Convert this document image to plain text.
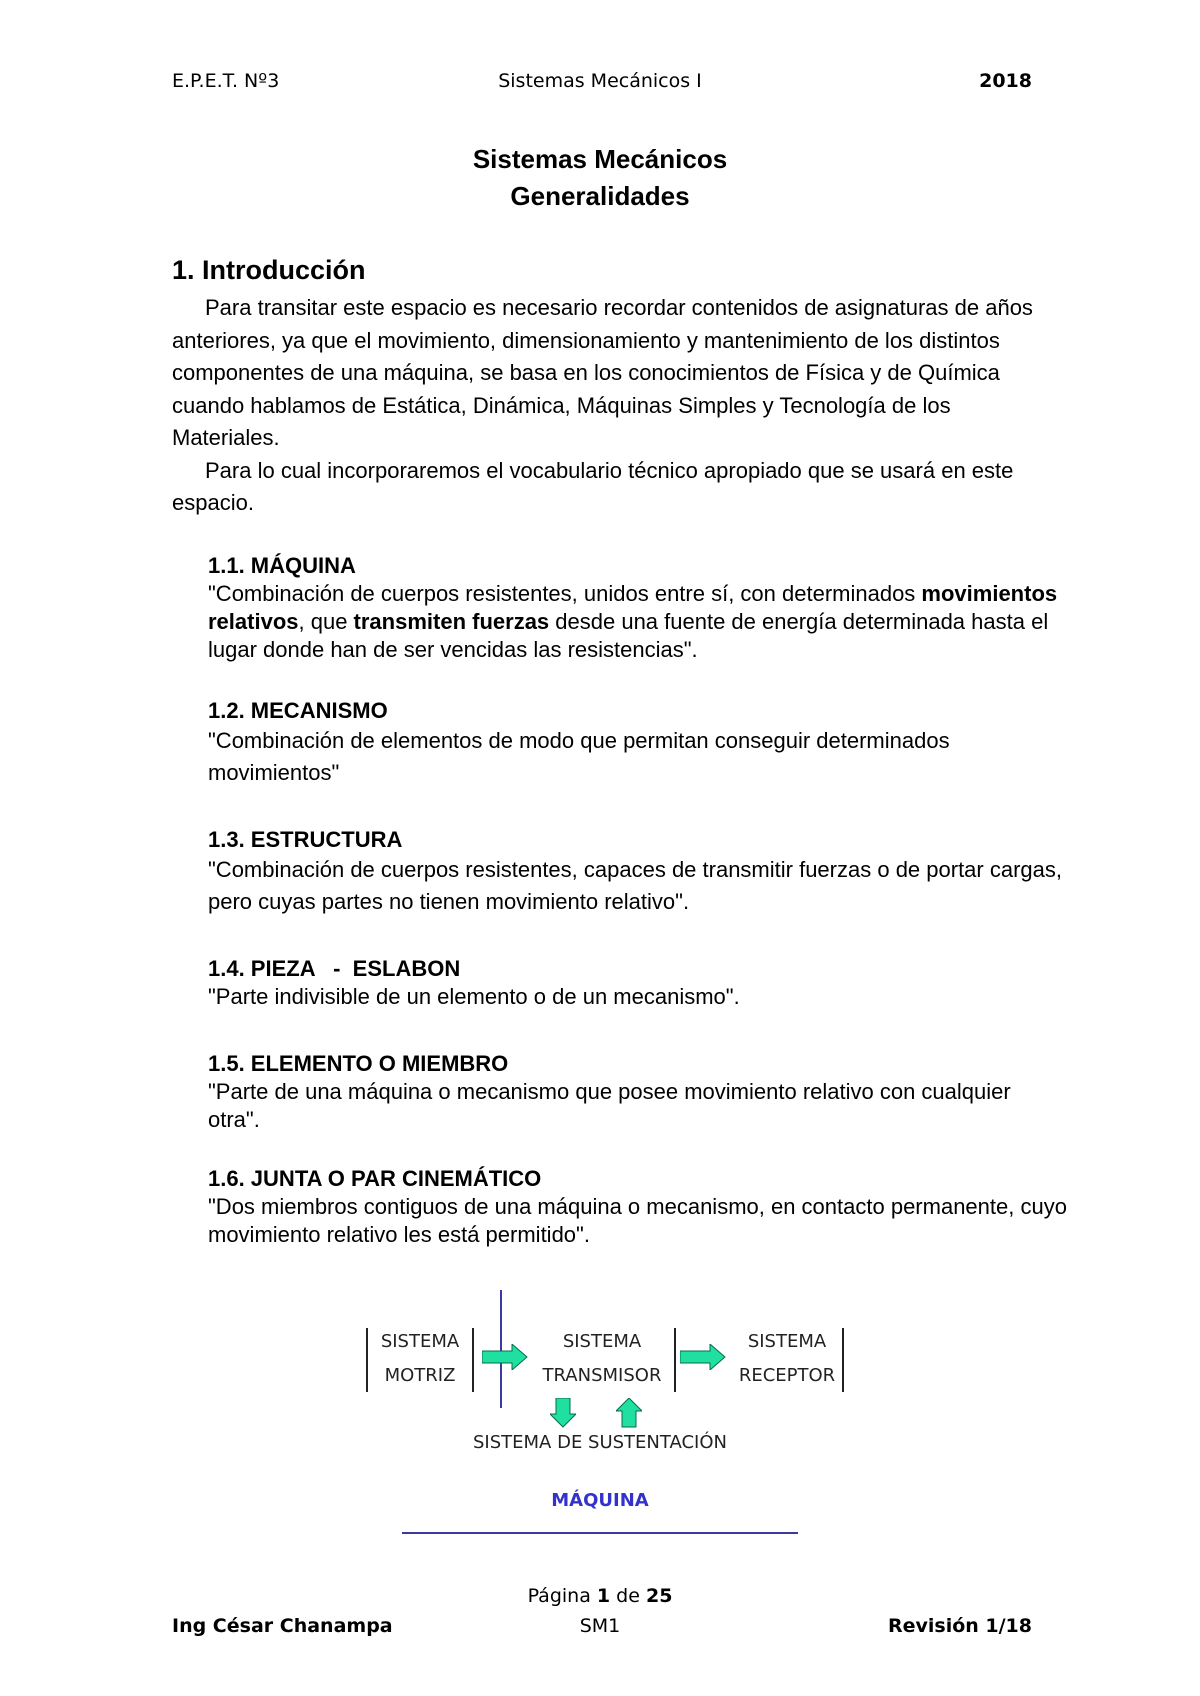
E.P.E.T. Nº3	Sistemas Mecánicos I	2018
Sistemas Mecánicos
Generalidades
1. Introducción

Para transitar este espacio es necesario recordar contenidos de asignaturas de años anteriores, ya que el movimiento, dimensionamiento y mantenimiento de los distintos componentes de una máquina, se basa en los conocimientos de Física y de Química cuando hablamos de Estática, Dinámica, Máquinas Simples y Tecnología de los Materiales.

Para lo cual incorporaremos el vocabulario técnico apropiado que se usará en este espacio.

1.1. MÁQUINA
"Combinación de cuerpos resistentes, unidos entre sí, con determinados movimientos relativos, que transmiten fuerzas desde una fuente de energía determinada hasta el lugar donde han de ser vencidas las resistencias".
1.2. MECANISMO
"Combinación de elementos de modo que permitan conseguir determinados movimientos"
1.3. ESTRUCTURA
"Combinación de cuerpos resistentes, capaces de transmitir fuerzas o de portar cargas, pero cuyas partes no tienen movimiento relativo".
1.4. PIEZA   -  ESLABON
"Parte indivisible de un elemento o de un mecanismo".
1.5. ELEMENTO O MIEMBRO
"Parte de una máquina o mecanismo que posee movimiento relativo con cualquier otra".
1.6. JUNTA O PAR CINEMÁTICO
"Dos miembros contiguos de una máquina o mecanismo, en contacto permanente, cuyo movimiento relativo les está permitido".
SISTEMA
MOTRIZ
SISTEMA
TRANSMISOR
SISTEMA
RECEPTOR
SISTEMA DE SUSTENTACIÓN
MÁQUINA
Página 1 de 25
Ing César Chanampa	SM1	Revisión 1/18
